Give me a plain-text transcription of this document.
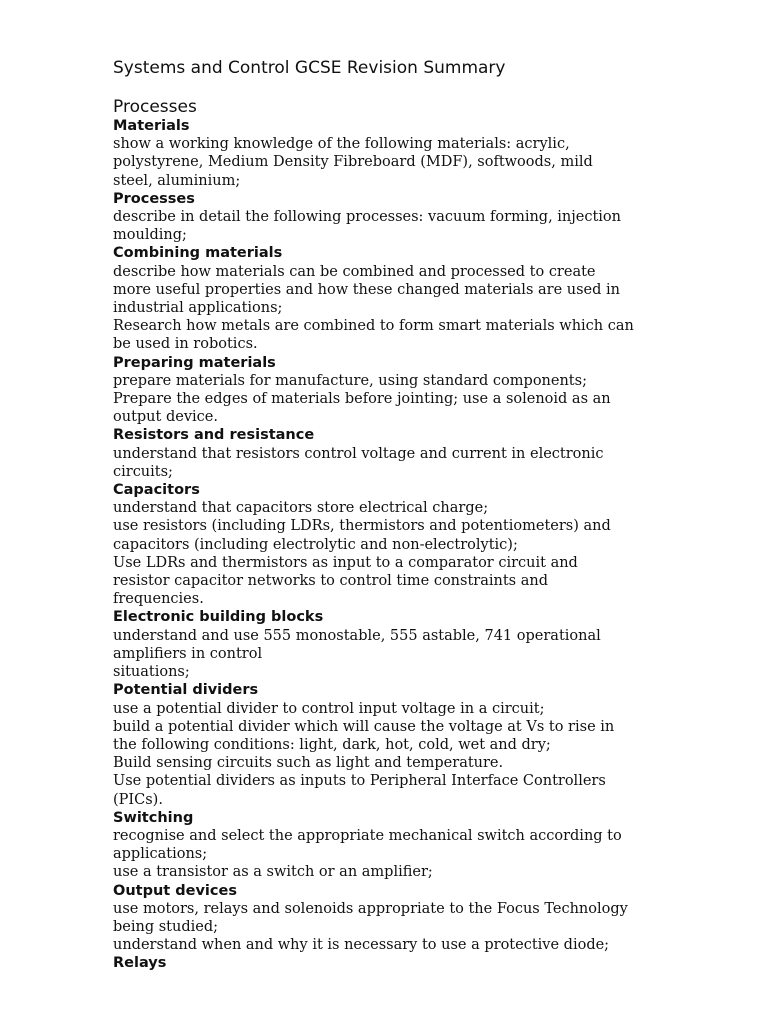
Systems and Control GCSE Revision Summary
Processes
Materials

show a working knowledge of the following materials: acrylic,

polystyrene, Medium Density Fibreboard (MDF), softwoods, mild

steel, aluminium;

Processes

describe in detail the following processes: vacuum forming, injection

moulding;

Combining materials

describe how materials can be combined and processed to create

more useful properties and how these changed materials are used in

industrial applications;

Research how metals are combined to form smart materials which can

be used in robotics.

Preparing materials

prepare materials for manufacture, using standard components;

Prepare the edges of materials before jointing; use a solenoid as an

output device.

Resistors and resistance

understand that resistors control voltage and current in electronic

circuits;

Capacitors

understand that capacitors store electrical charge;

use resistors (including LDRs, thermistors and potentiometers) and

capacitors (including electrolytic and non-electrolytic);

Use LDRs and thermistors as input to a comparator circuit and

resistor capacitor networks to control time constraints and

frequencies.

Electronic building blocks

understand and use 555 monostable, 555 astable, 741 operational

amplifiers in control

situations;

Potential dividers

use a potential divider to control input voltage in a circuit;

build a potential divider which will cause the voltage at Vs to rise in

the following conditions: light, dark, hot, cold, wet and dry;

Build sensing circuits such as light and temperature.

Use potential dividers as inputs to Peripheral Interface Controllers

(PICs).

Switching

recognise and select the appropriate mechanical switch according to

applications;

use a transistor as a switch or an amplifier;

Output devices

use motors, relays and solenoids appropriate to the Focus Technology

being studied;

understand when and why it is necessary to use a protective diode;

Relays
